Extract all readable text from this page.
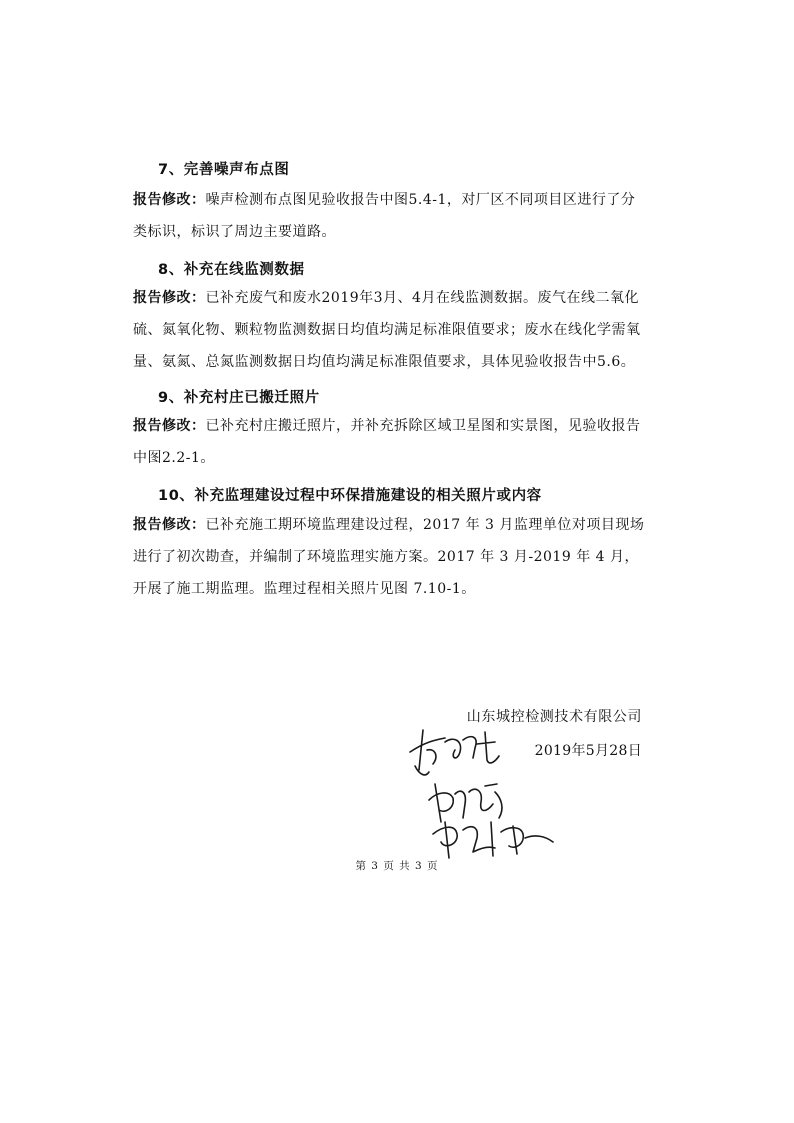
7、完善噪声布点图
报告修改：噪声检测布点图见验收报告中图5.4-1，对厂区不同项目区进行了分类标识，标识了周边主要道路。
8、补充在线监测数据
报告修改：已补充废气和废水2019年3月、4月在线监测数据。废气在线二氧化硫、氮氧化物、颗粒物监测数据日均值均满足标准限值要求；废水在线化学需氧量、氨氮、总氮监测数据日均值均满足标准限值要求，具体见验收报告中5.6。
9、补充村庄已搬迁照片
报告修改：已补充村庄搬迁照片，并补充拆除区域卫星图和实景图，见验收报告中图2.2-1。
10、补充监理建设过程中环保措施建设的相关照片或内容
报告修改：已补充施工期环境监理建设过程，2017 年 3 月监理单位对项目现场进行了初次勘查，并编制了环境监理实施方案。2017 年 3 月-2019 年 4 月，开展了施工期监理。监理过程相关照片见图 7.10-1。
山东城控检测技术有限公司
2019年5月28日
第 3 页 共 3 页
